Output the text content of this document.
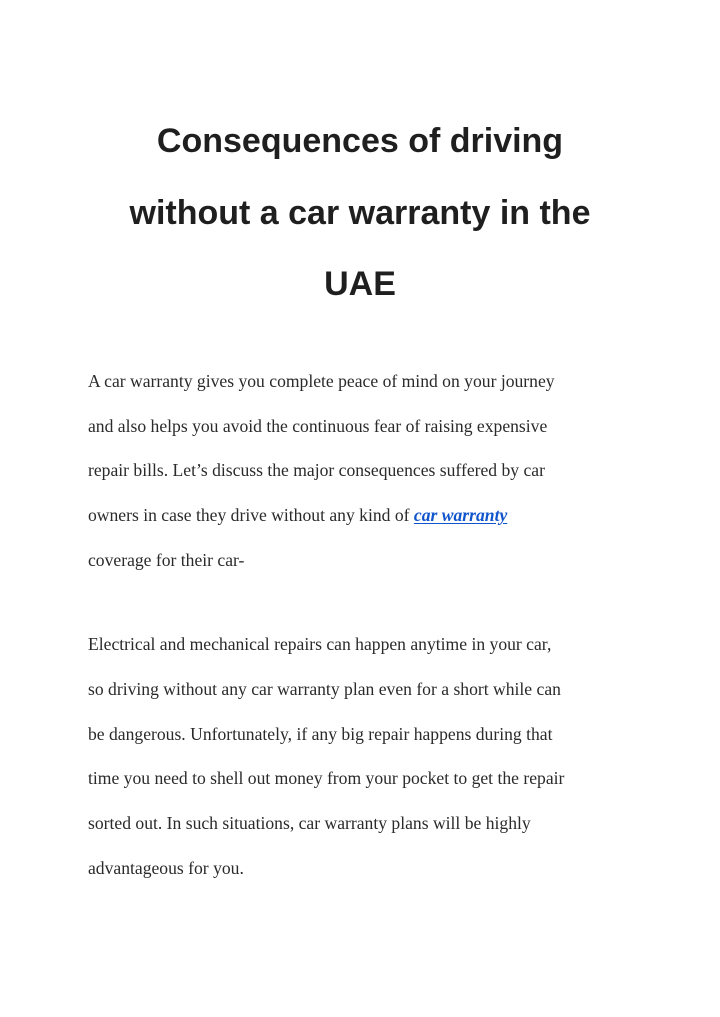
Consequences of driving
without a car warranty in the
UAE

A car warranty gives you complete peace of mind on your journey

and also helps you avoid the continuous fear of raising expensive

repair bills. Let’s discuss the major consequences suffered by car

owners in case they drive without any kind of car warranty

coverage for their car-

Electrical and mechanical repairs can happen anytime in your car,

so driving without any car warranty plan even for a short while can

be dangerous. Unfortunately, if any big repair happens during that

time you need to shell out money from your pocket to get the repair

sorted out. In such situations, car warranty plans will be highly

advantageous for you.
